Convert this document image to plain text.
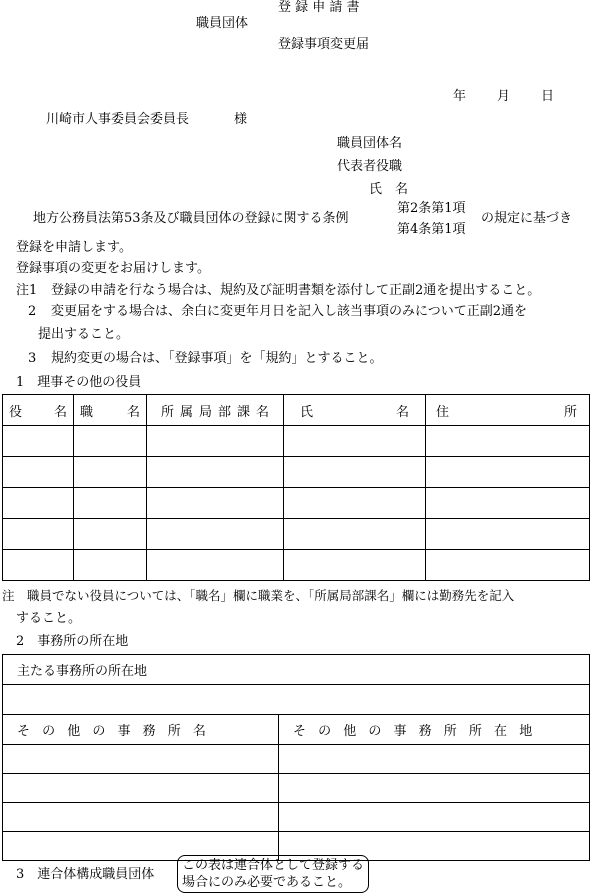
職員団体
登 録 申 請 書
登録事項変更届
年 月 日
川崎市人事委員会委員長	様
職員団体名
代表者役職
氏　名
地方公務員法第53条及び職員団体の登録に関する条例
第2条第1項
第4条第1項
の規定に基づき
登録を申請します。
登録事項の変更をお届けします。
注1 登録の申請を行なう場合は、規約及び証明書類を添付して正副2通を提出すること。
2 変更届をする場合は、余白に変更年月日を記入し該当事項のみについて正副2通を
提出すること。
3 規約変更の場合は、「登録事項」を「規約」とすること。
1　理事その他の役員
役 名	職 名	所属局部課名	氏 名	住 所

注　職員でない役員については、「職名」欄に職業を、「所属局部課名」欄には勤務先を記入
すること。
2　事務所の所在地
主たる事務所の所在地	

そ の 他 の 事 務 所 名	そ の 他 の 事 務 所 所 在 地

3　連合体構成職員団体
この表は連合体として登録する
場合にのみ必要であること。
